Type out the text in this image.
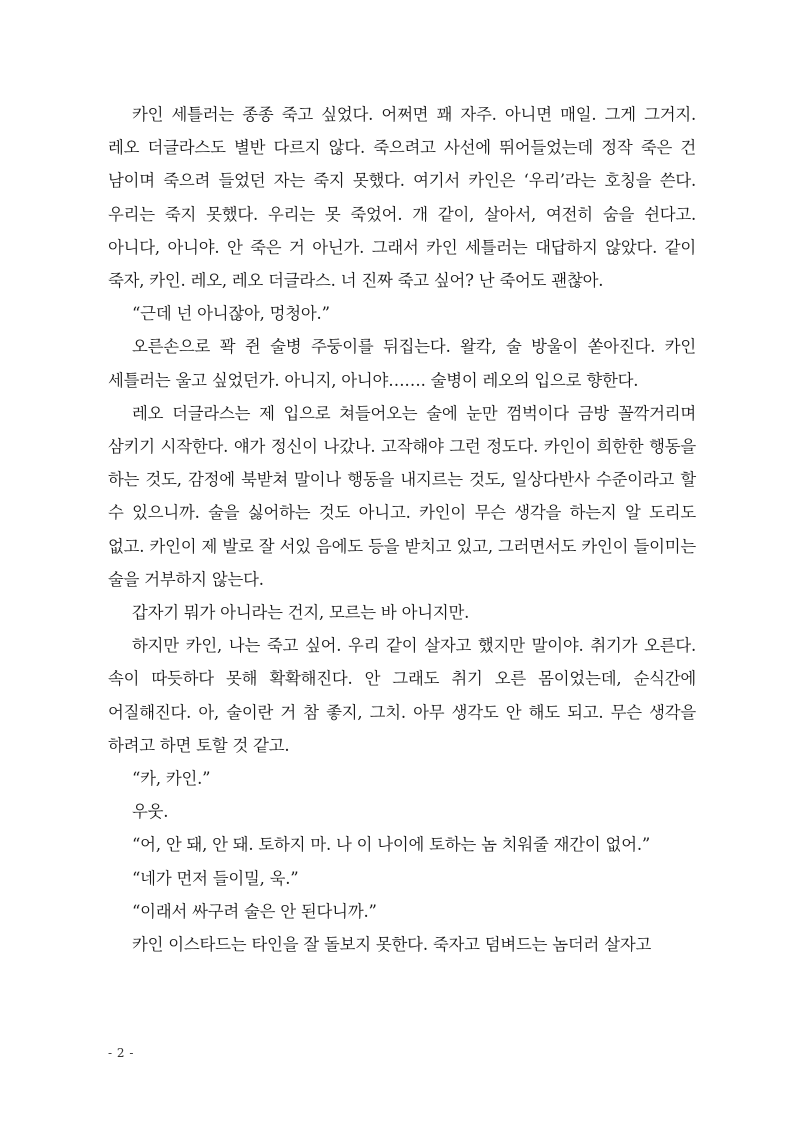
카인 세틀러는 종종 죽고 싶었다. 어쩌면 꽤 자주. 아니면 매일. 그게 그거지. 레오 더글라스도 별반 다르지 않다. 죽으려고 사선에 뛰어들었는데 정작 죽은 건 남이며 죽으려 들었던 자는 죽지 못했다. 여기서 카인은 ‘우리’라는 호칭을 쓴다. 우리는 죽지 못했다. 우리는 못 죽었어. 개 같이, 살아서, 여전히 숨을 쉰다고. 아니다, 아니야. 안 죽은 거 아닌가. 그래서 카인 세틀러는 대답하지 않았다. 같이 죽자, 카인. 레오, 레오 더글라스. 너 진짜 죽고 싶어? 난 죽어도 괜찮아.

“근데 넌 아니잖아, 멍청아.”

오른손으로 꽉 쥔 술병 주둥이를 뒤집는다. 왈칵, 술 방울이 쏟아진다. 카인 세틀러는 울고 싶었던가. 아니지, 아니야……. 술병이 레오의 입으로 향한다.

레오 더글라스는 제 입으로 쳐들어오는 술에 눈만 껌벅이다 금방 꼴깍거리며 삼키기 시작한다. 얘가 정신이 나갔나. 고작해야 그런 정도다. 카인이 희한한 행동을 하는 것도, 감정에 북받쳐 말이나 행동을 내지르는 것도, 일상다반사 수준이라고 할 수 있으니까. 술을 싫어하는 것도 아니고. 카인이 무슨 생각을 하는지 알 도리도 없고. 카인이 제 발로 잘 서있 음에도 등을 받치고 있고, 그러면서도 카인이 들이미는 술을 거부하지 않는다.

갑자기 뭐가 아니라는 건지, 모르는 바 아니지만.

하지만 카인, 나는 죽고 싶어. 우리 같이 살자고 했지만 말이야. 취기가 오른다. 속이 따듯하다 못해 확확해진다. 안 그래도 취기 오른 몸이었는데, 순식간에 어질해진다. 아, 술이란 거 참 좋지, 그치. 아무 생각도 안 해도 되고. 무슨 생각을 하려고 하면 토할 것 같고.

“카, 카인.”

우웃.

“어, 안 돼, 안 돼. 토하지 마. 나 이 나이에 토하는 놈 치워줄 재간이 없어.”

“네가 먼저 들이밀, 욱.”

“이래서 싸구려 술은 안 된다니까.”

카인 이스타드는 타인을 잘 돌보지 못한다. 죽자고 덤벼드는 놈더러 살자고

- 2 -
